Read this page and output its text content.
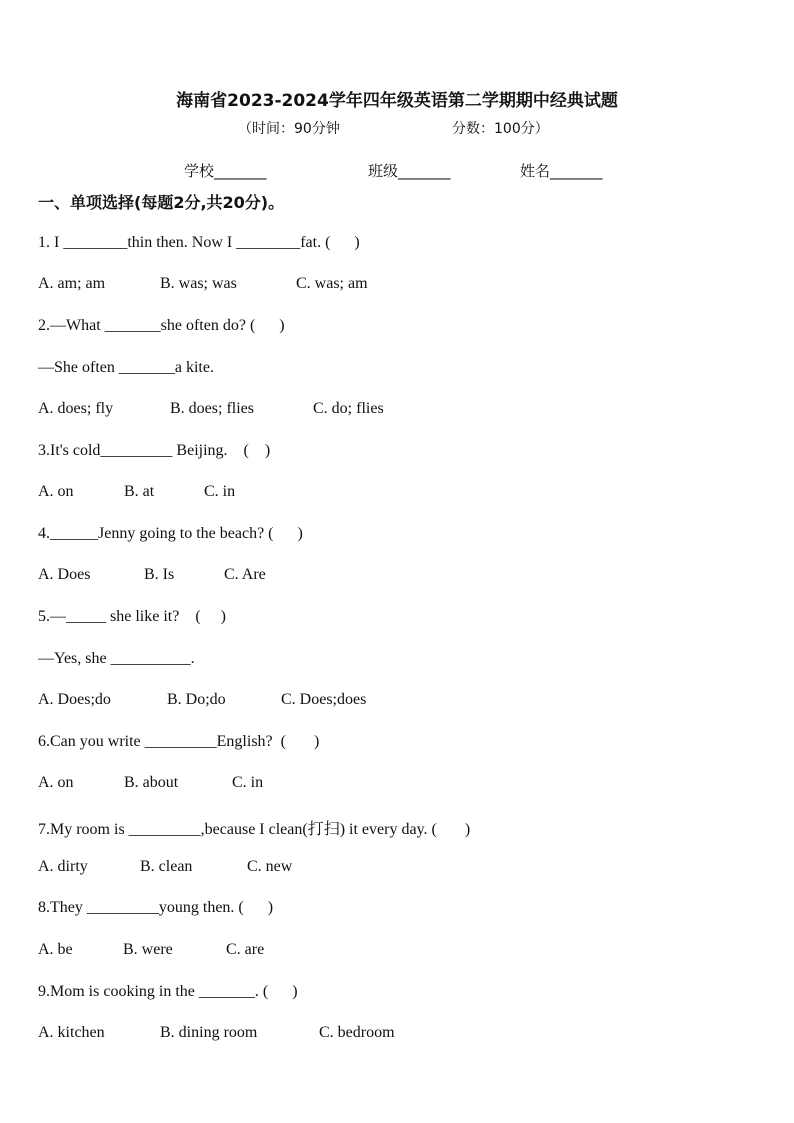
海南省2023-2024学年四年级英语第二学期期中经典试题
（时间：90分钟	分数：100分）
学校_______	班级_______	姓名_______
一、单项选择(每题2分,共20分)。
1. I ________thin then. Now I ________fat. (      )
A. am; am	B. was; was	C. was; am
2.—What _______she often do? (      )
—She often _______a kite.
A. does; fly	B. does; flies	C. do; flies
3.It's cold_________ Beijing.    (    )
A. on	B. at	C. in
4.______Jenny going to the beach? (      )
A. Does	B. Is	C. Are
5.—_____ she like it?    (     )
—Yes, she __________.
A. Does;do	B. Do;do	C. Does;does
6.Can you write _________English?  (       )
A. on	B. about	C. in
7.My room is _________,because I clean(打扫) it every day. (       )
A. dirty	B. clean	C. new
8.They _________young then. (      )
A. be	B. were	C. are
9.Mom is cooking in the _______. (      )
A. kitchen	B. dining room	C. bedroom
